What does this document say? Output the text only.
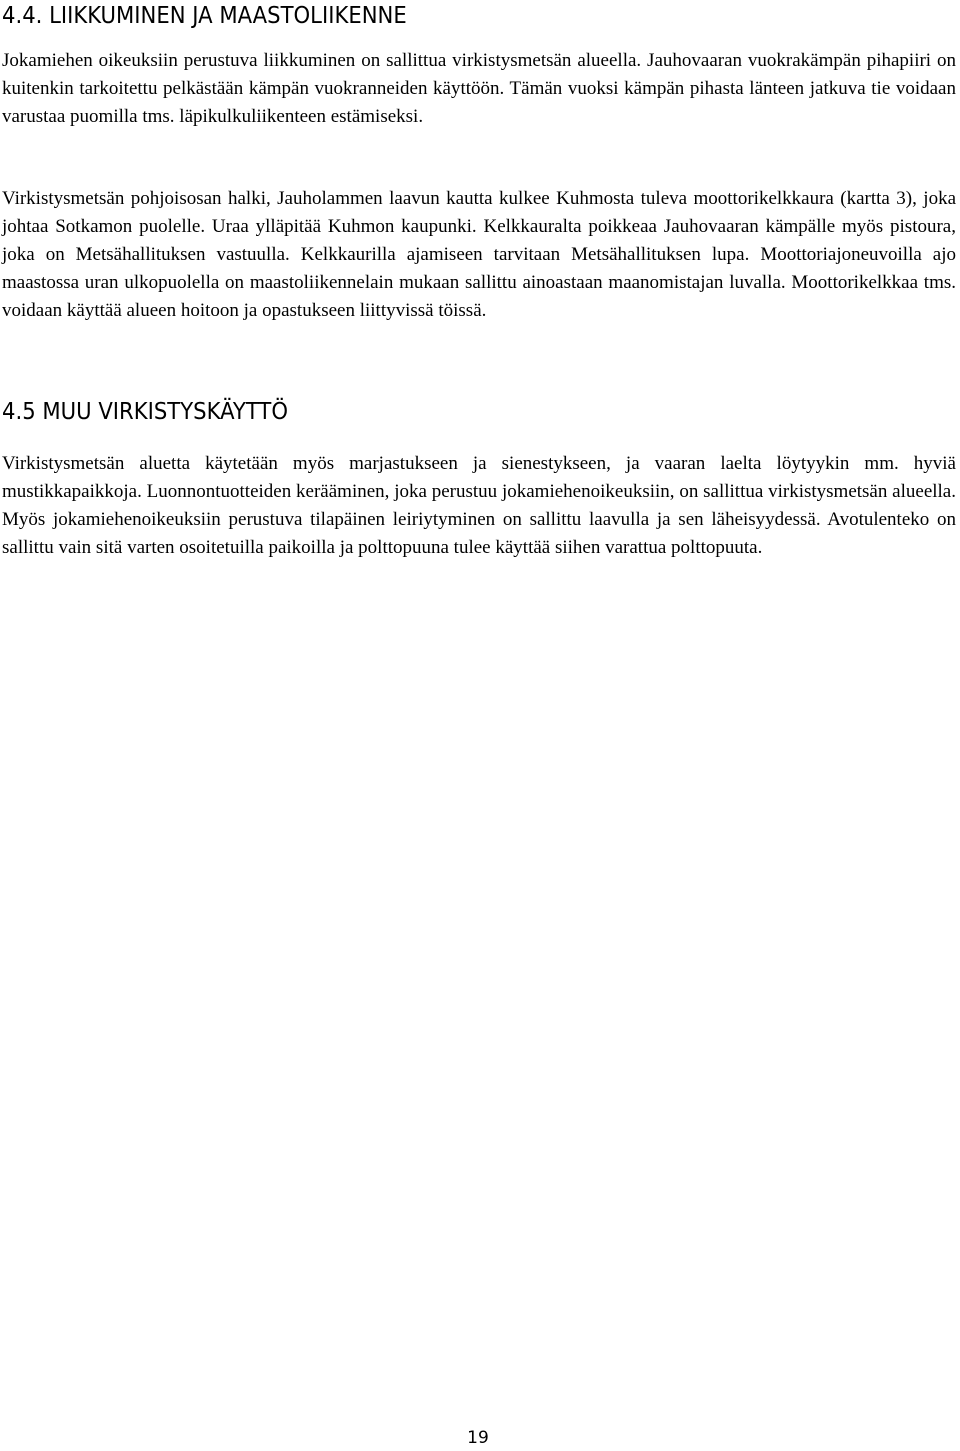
4.4. LIIKKUMINEN JA MAASTOLIIKENNE

Jokamiehen oikeuksiin perustuva liikkuminen on sallittua virkistysmetsän alueella. Jauhovaaran vuokrakämpän pihapiiri on kuitenkin tarkoitettu pelkästään kämpän vuokranneiden käyttöön. Tämän vuoksi kämpän pihasta länteen jatkuva tie voidaan varustaa puomilla tms. läpikulkuliikenteen estämiseksi.

Virkistysmetsän pohjoisosan halki, Jauholammen laavun kautta kulkee Kuhmosta tuleva moottorikelkkaura (kartta 3), joka johtaa Sotkamon puolelle. Uraa ylläpitää Kuhmon kaupunki. Kelkkauralta poikkeaa Jauhovaaran kämpälle myös pistoura, joka on Metsähallituksen vastuulla. Kelkkaurilla ajamiseen tarvitaan Metsähallituksen lupa. Moottoriajoneuvoilla ajo maastossa uran ulkopuolella on maastoliikennelain mukaan sallittu ainoastaan maanomistajan luvalla. Moottorikelkkaa tms. voidaan käyttää alueen hoitoon ja opastukseen liittyvissä töissä.

4.5 MUU VIRKISTYSKÄYTTÖ

Virkistysmetsän aluetta käytetään myös marjastukseen ja sienestykseen, ja vaaran laelta löytyykin mm. hyviä mustikkapaikkoja. Luonnontuotteiden kerääminen, joka perustuu jokamiehenoikeuksiin, on sallittua virkistysmetsän alueella. Myös jokamiehenoikeuksiin perustuva tilapäinen leiriytyminen on sallittu laavulla ja sen läheisyydessä. Avotulenteko on sallittu vain sitä varten osoitetuilla paikoilla ja polttopuuna tulee käyttää siihen varattua polttopuuta.

19
